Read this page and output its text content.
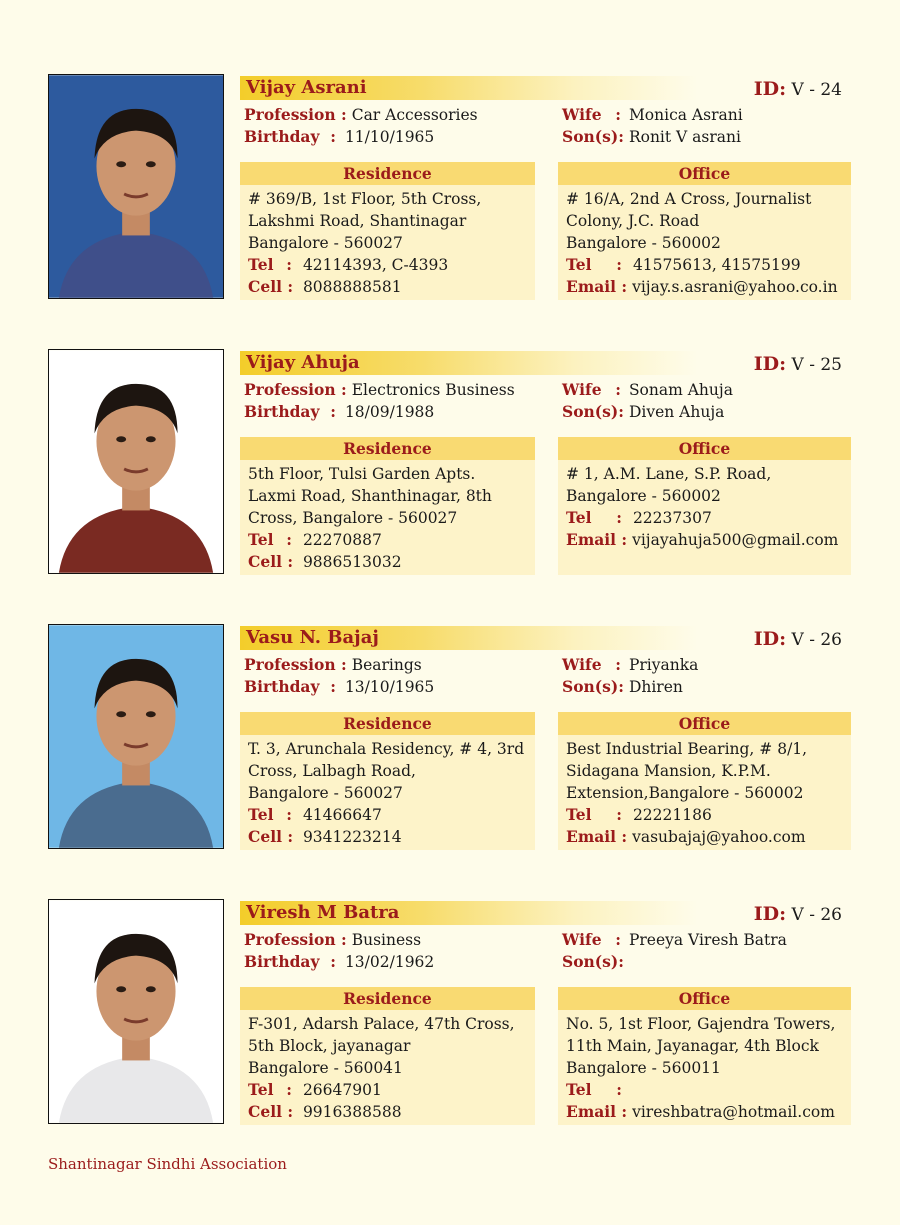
Vijay Asrani	ID: V - 24
Profession : Car Accessories
Birthday : 11/10/1965
Wife : Monica Asrani
Son(s): Ronit V asrani
Residence
# 369/B, 1st Floor, 5th Cross,
Lakshmi Road, Shantinagar
Bangalore - 560027
Tel : 42114393, C-4393
Cell : 8088888581
Office
# 16/A, 2nd A Cross, Journalist
Colony, J.C. Road
Bangalore - 560002
Tel : 41575613, 41575199
Email : vijay.s.asrani@yahoo.co.in
Vijay Ahuja	ID: V - 25
Profession : Electronics Business
Birthday : 18/09/1988
Wife : Sonam Ahuja
Son(s): Diven Ahuja
Residence
5th Floor, Tulsi Garden Apts.
Laxmi Road, Shanthinagar, 8th
Cross, Bangalore - 560027
Tel : 22270887
Cell : 9886513032
Office
# 1, A.M. Lane, S.P. Road,
Bangalore - 560002
Tel : 22237307
Email : vijayahuja500@gmail.com
Vasu N. Bajaj	ID: V - 26
Profession : Bearings
Birthday : 13/10/1965
Wife : Priyanka
Son(s): Dhiren
Residence
T. 3, Arunchala Residency, # 4, 3rd
Cross, Lalbagh Road,
Bangalore - 560027
Tel : 41466647
Cell : 9341223214
Office
Best Industrial Bearing, # 8/1,
Sidagana Mansion, K.P.M.
Extension,Bangalore - 560002
Tel : 22221186
Email : vasubajaj@yahoo.com
Viresh M Batra	ID: V - 26
Profession : Business
Birthday : 13/02/1962
Wife : Preeya Viresh Batra
Son(s):
Residence
F-301, Adarsh Palace, 47th Cross,
5th Block, jayanagar
Bangalore - 560041
Tel : 26647901
Cell : 9916388588
Office
No. 5, 1st Floor, Gajendra Towers,
11th Main, Jayanagar, 4th Block
Bangalore - 560011
Tel :
Email : vireshbatra@hotmail.com
Shantinagar Sindhi Association
